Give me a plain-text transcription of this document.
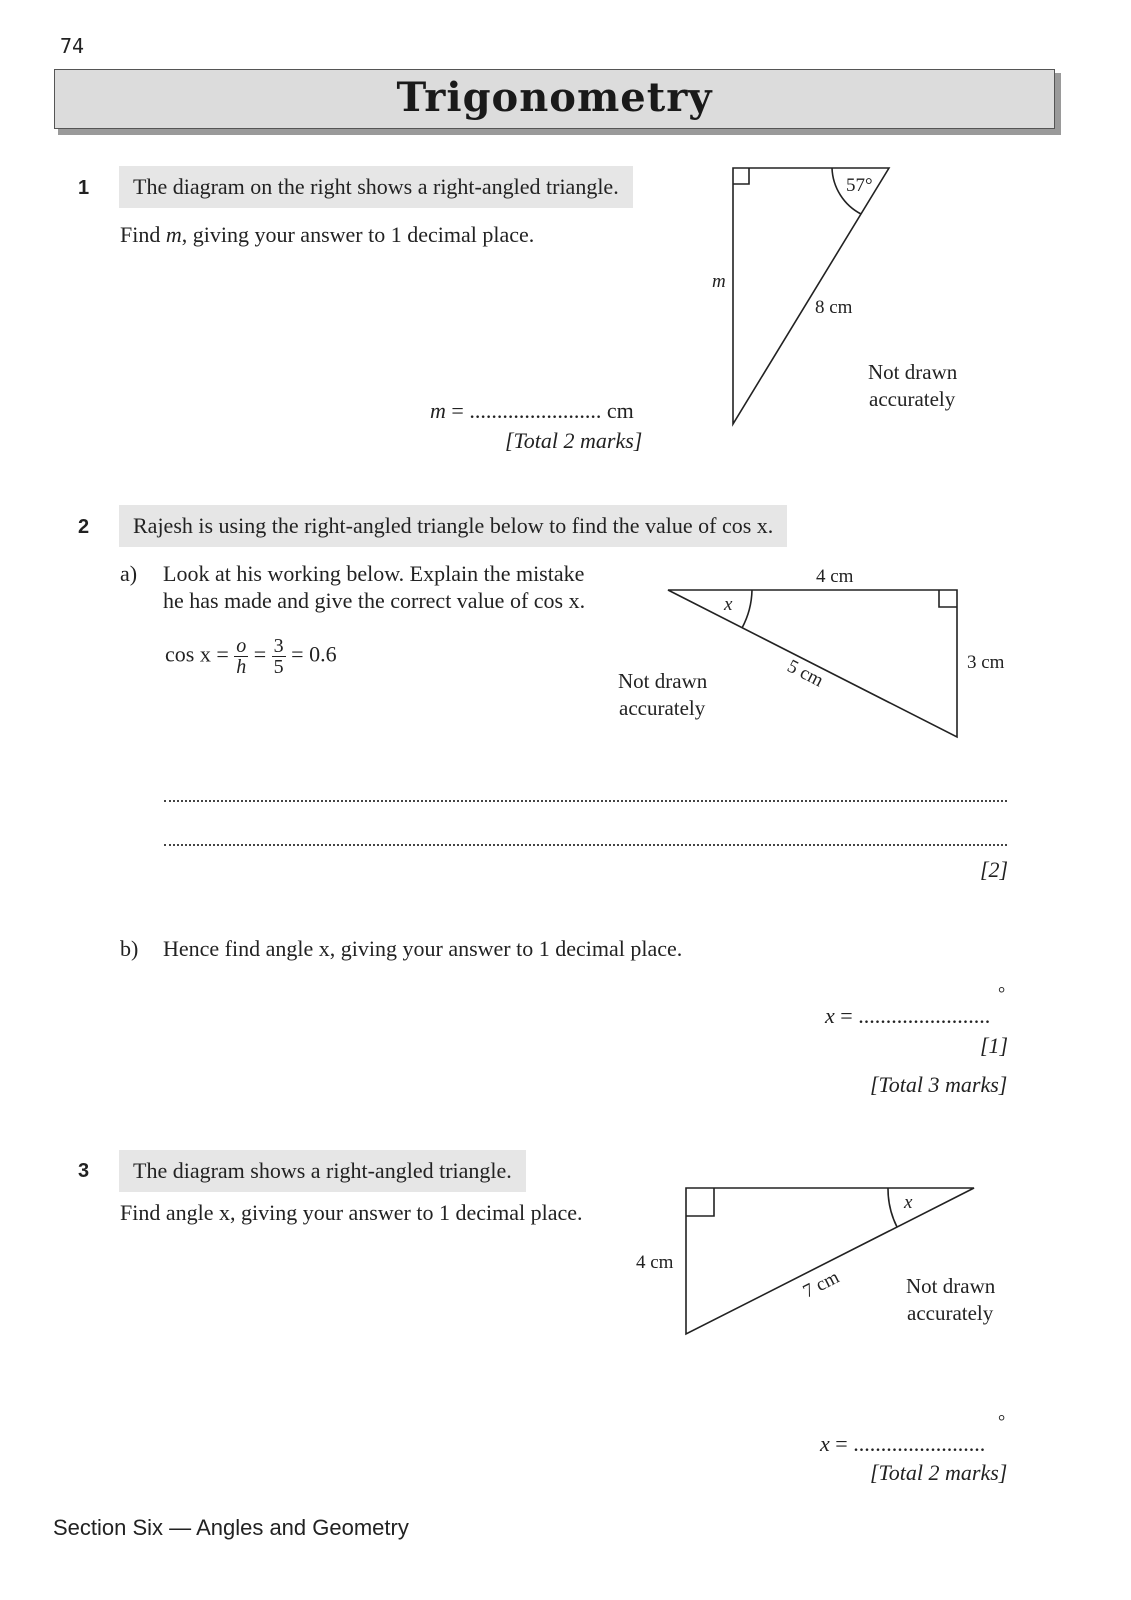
74
Trigonometry
1	The diagram on the right shows a right-angled triangle.
Find m, giving your answer to 1 decimal place.
m = ........................ cm
[Total 2 marks]
57°
m
8 cm
Not drawn
accurately
2	Rajesh is using the right-angled triangle below to find the value of cos x.
a) Look at his working below. Explain the mistake
he has made and give the correct value of cos x.
$\cos x = \frac{o}{h} = \frac{3}{5} = 0.6$
4 cm
x
3 cm
5 cm
Not drawn
accurately
[2]
b) Hence find angle x, giving your answer to 1 decimal place.
°
x = ........................
[1]
[Total 3 marks]
3	The diagram shows a right-angled triangle.
Find angle x, giving your answer to 1 decimal place.	x
4 cm
7 cm	Not drawn
accurately
°
x = ........................
[Total 2 marks]
Section Six — Angles and Geometry
